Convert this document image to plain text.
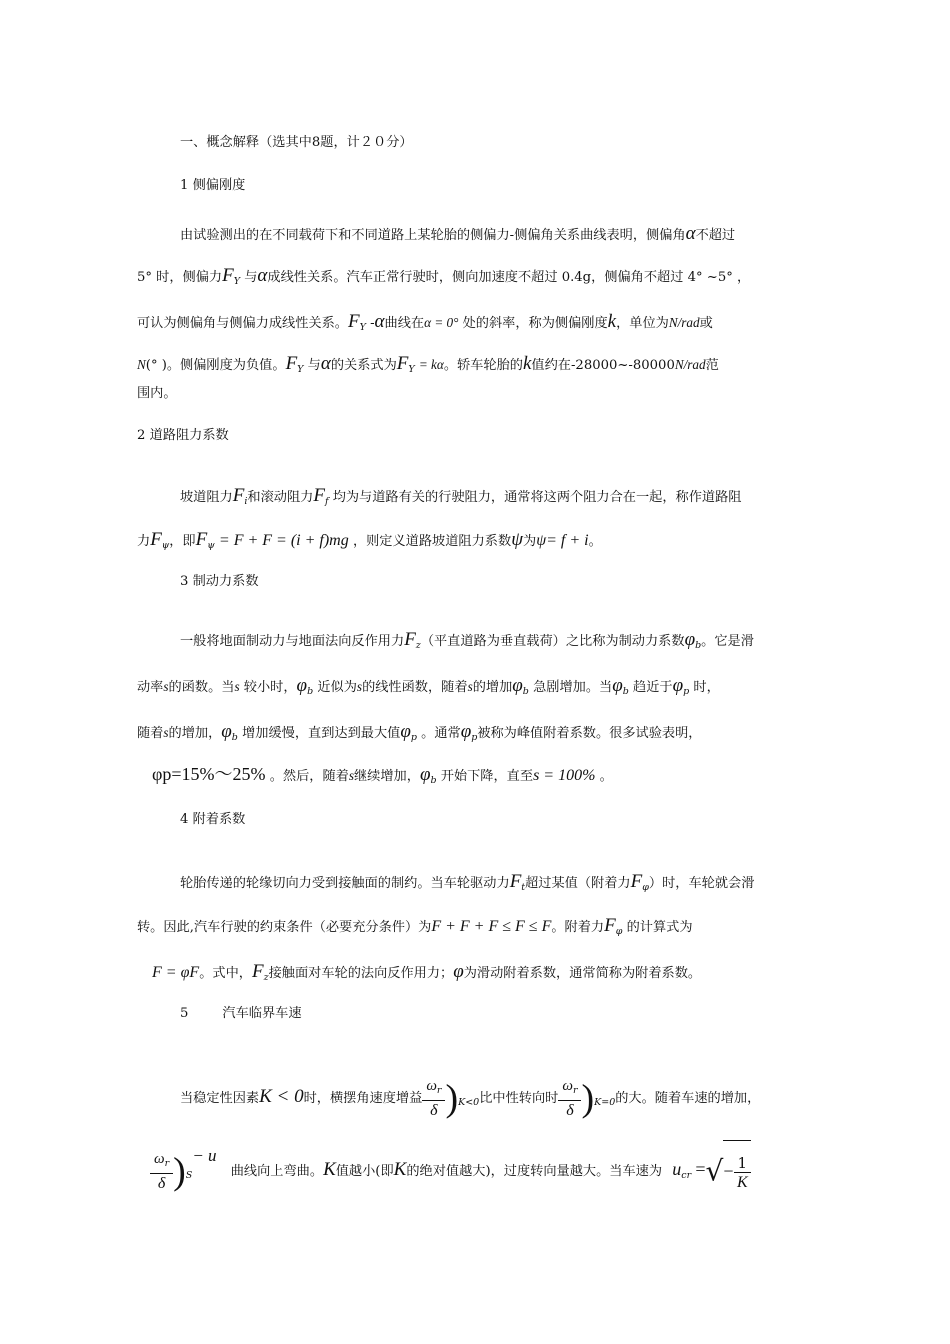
一、概念解释（选其中8题，计２０分）
1 侧偏刚度
由试验测出的在不同载荷下和不同道路上某轮胎的侧偏力-侧偏角关系曲线表明，侧偏角α不超过
5° 时，侧偏力$F_Y$ 与α成线性关系。汽车正常行驶时，侧向加速度不超过 0.4g，侧偏角不超过 4° ~5° ，
可认为侧偏角与侧偏力成线性关系。$F_Y$ -α曲线在α = 0° 处的斜率，称为侧偏刚度k，单位为N/rad或
N(° )。侧偏刚度为负值。$F_Y$ 与α的关系式为$F_Y = k\alpha$。轿车轮胎的k值约在-28000~-80000N/rad范
围内。
2 道路阻力系数
坡道阻力$F_i$和滚动阻力$F_f$ 均为与道路有关的行驶阻力，通常将这两个阻力合在一起，称作道路阻
力$F_\psi$，即$F_\psi = F + F = (i + f)mg$ ，则定义道路坡道阻力系数ψ为ψ= f + i。
3 制动力系数
一般将地面制动力与地面法向反作用力$F_z$（平直道路为垂直载荷）之比称为制动力系数$\varphi_b$。它是滑
动率s的函数。当s 较小时，$\varphi_b$ 近似为s的线性函数，随着s的增加$\varphi_b$ 急剧增加。当$\varphi_b$ 趋近于$\varphi_p$ 时，
随着s的增加，$\varphi_b$ 增加缓慢，直到达到最大值$\varphi_p$ 。通常$\varphi_p$被称为峰值附着系数。很多试验表明，
φp=15%～25% 。然后，随着s继续增加，$\varphi_b$ 开始下降，直至s = 100% 。
4 附着系数
轮胎传递的轮缘切向力受到接触面的制约。当车轮驱动力$F_t$超过某值（附着力$F_\varphi$）时，车轮就会滑
转。因此,汽车行驶的约束条件（必要充分条件）为F + F + F ≤ F ≤ F。附着力$F_\varphi$ 的计算式为
F = φF。式中，$F_z$接触面对车轮的法向反作用力；φ为滑动附着系数，通常简称为附着系数。
5	汽车临界车速
当稳定性因素K < 0时，横摆角速度增益 $\frac{\omega_r}{\delta} )_{K<0}$比中性转向时 $\frac{\omega_r}{\delta} )_{K=0}$的大。随着车速的增加，
$\frac{\omega_r}{\delta} )_S- u$ 曲线向上弯曲。K值越小(即K的绝对值越大)，过度转向量越大。当车速为 $u_{cr}$ =√− $\frac{1}{K}$
